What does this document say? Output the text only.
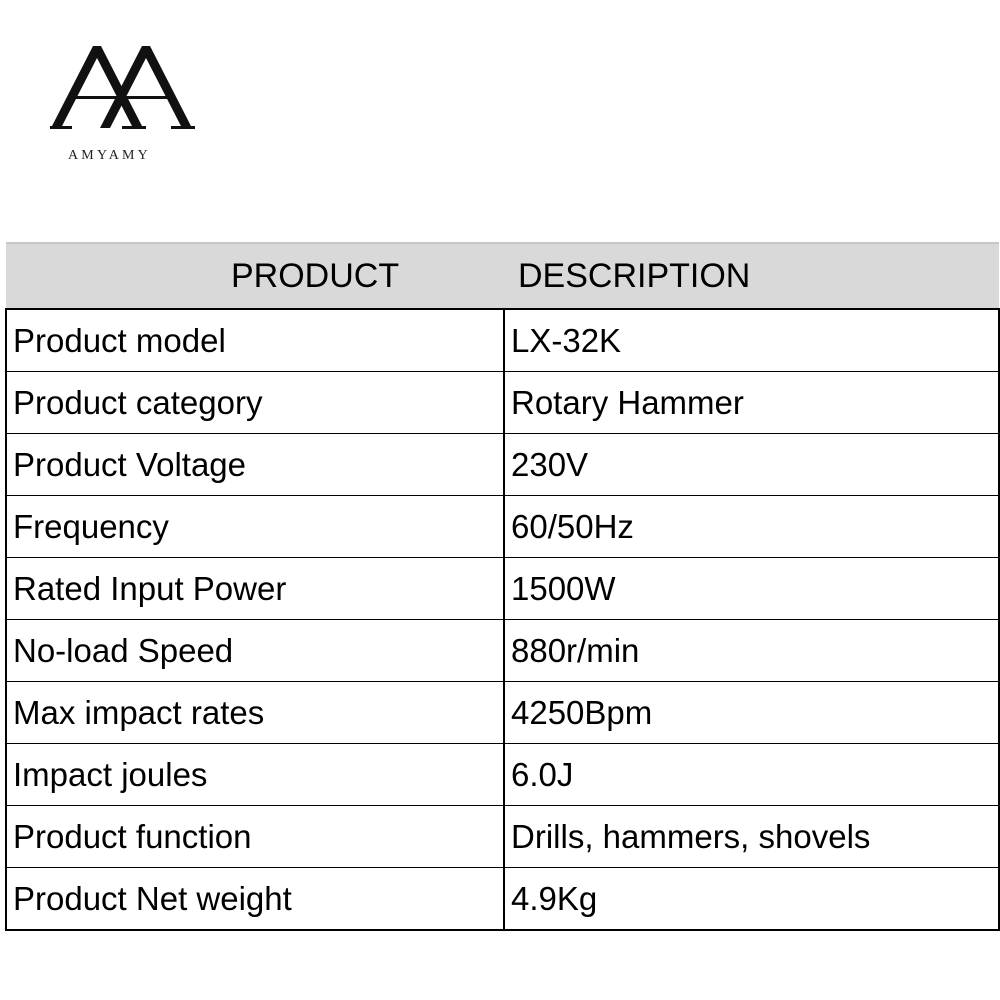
AMYAMY
PRODUCT	DESCRIPTION
Product model	LX-32K
Product category	Rotary Hammer
Product Voltage	230V
Frequency	60/50Hz
Rated Input Power	1500W
No-load Speed	880r/min
Max impact rates	4250Bpm
Impact joules	6.0J
Product function	Drills, hammers, shovels
Product Net weight	4.9Kg
